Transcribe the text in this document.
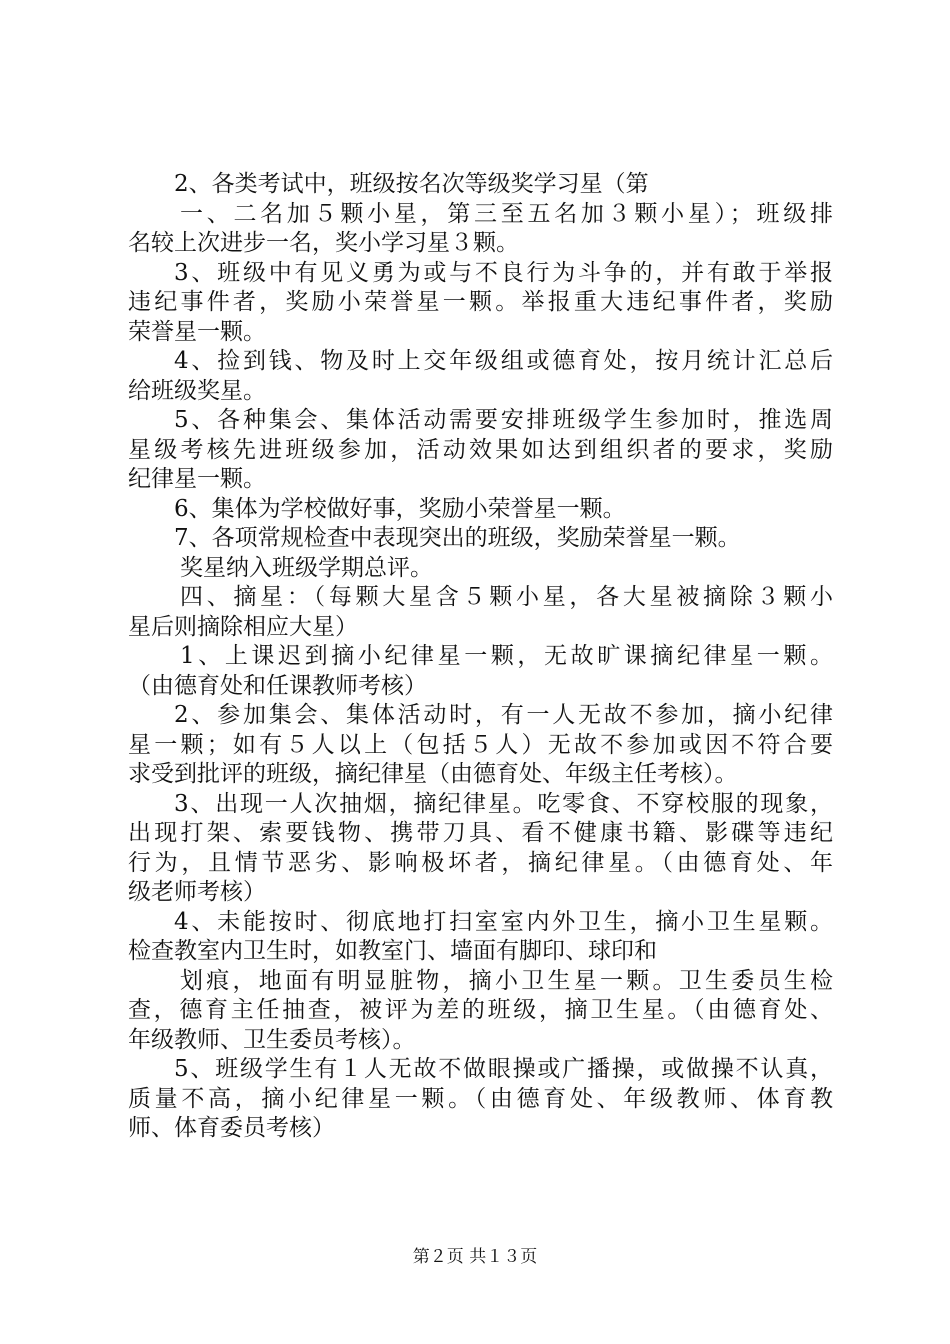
2、各类考试中，班级按名次等级奖学习星（第
一、二名加５颗小星，第三至五名加３颗小星）；班级排
名较上次进步一名，奖小学习星３颗。
3、班级中有见义勇为或与不良行为斗争的，并有敢于举报
违纪事件者，奖励小荣誉星一颗。举报重大违纪事件者，奖励
荣誉星一颗。
4、捡到钱、物及时上交年级组或德育处，按月统计汇总后
给班级奖星。
5、各种集会、集体活动需要安排班级学生参加时，推选周
星级考核先进班级参加，活动效果如达到组织者的要求，奖励
纪律星一颗。
6、集体为学校做好事，奖励小荣誉星一颗。
7、各项常规检查中表现突出的班级，奖励荣誉星一颗。
奖星纳入班级学期总评。
四、摘星：（每颗大星含５颗小星，各大星被摘除３颗小
星后则摘除相应大星）
1、上课迟到摘小纪律星一颗，无故旷课摘纪律星一颗。
（由德育处和任课教师考核）
2、参加集会、集体活动时，有一人无故不参加，摘小纪律
星一颗；如有５人以上（包括５人）无故不参加或因不符合要
求受到批评的班级，摘纪律星（由德育处、年级主任考核）。
3、出现一人次抽烟，摘纪律星。吃零食、不穿校服的现象，
出现打架、索要钱物、携带刀具、看不健康书籍、影碟等违纪
行为，且情节恶劣、影响极坏者，摘纪律星。（由德育处、年
级老师考核）
4、未能按时、彻底地打扫室室内外卫生，摘小卫生星颗。
检查教室内卫生时，如教室门、墙面有脚印、球印和
划痕，地面有明显脏物，摘小卫生星一颗。卫生委员生检
查，德育主任抽查，被评为差的班级，摘卫生星。（由德育处、
年级教师、卫生委员考核）。
5、班级学生有１人无故不做眼操或广播操，或做操不认真，
质量不高，摘小纪律星一颗。（由德育处、年级教师、体育教
师、体育委员考核）
第２页 共１３页
